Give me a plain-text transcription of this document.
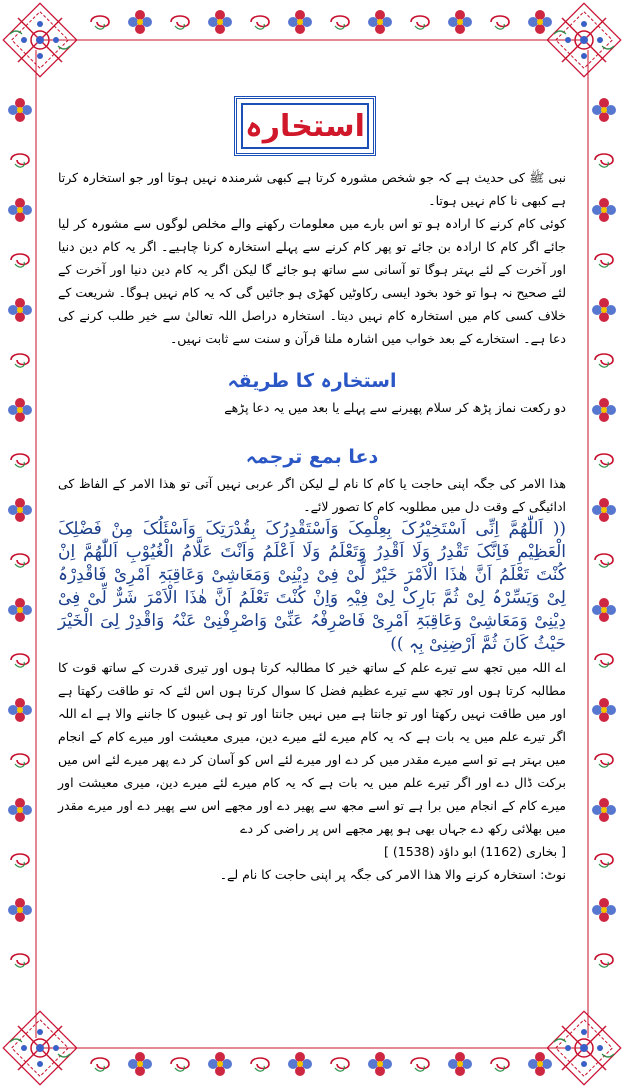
استخارہ

نبی ﷺ کی حدیث ہے کہ جو شخص مشورہ کرتا ہے کبھی شرمندہ نہیں ہوتا اور جو استخارہ کرتا ہے کبھی نا کام نہیں ہوتا۔

کوئی کام کرنے کا ارادہ ہو تو اس بارے میں معلومات رکھنے والے مخلص لوگوں سے مشورہ کر لیا جائے اگر کام کا ارادہ بن جائے تو پھر کام کرنے سے پہلے استخارہ کرنا چاہیے۔ اگر یہ کام دین دنیا اور آخرت کے لئے بہتر ہوگا تو آسانی سے ساتھ ہو جائے گا لیکن اگر یہ کام دین دنیا اور آخرت کے لئے صحیح نہ ہوا تو خود بخود ایسی رکاوٹیں کھڑی ہو جائیں گی کہ یہ کام نہیں ہوگا۔ شریعت کے خلاف کسی کام میں استخارہ کام نہیں دیتا۔ استخارہ دراصل اللہ تعالیٰ سے خیر طلب کرنے کی دعا ہے۔ استخارے کے بعد خواب میں اشارہ ملنا قرآن و سنت سے ثابت نہیں۔

استخارہ کا طریقہ

دو رکعت نماز پڑھ کر سلام پھیرنے سے پہلے یا بعد میں یہ دعا پڑھے

دعا بمع ترجمہ

ھذا الامر کی جگہ اپنی حاجت یا کام کا نام لے لیکن اگر عربی نہیں آتی تو ھذا الامر کے الفاظ کی ادائیگی کے وقت دل میں مطلوبہ کام کا تصور لائے۔

(( اَللّٰھُمَّ اِنِّی اَسْتَخِیْرُکَ بِعِلْمِکَ وَاَسْتَقْدِرُکَ بِقُدْرَتِکَ وَاَسْئَلُکَ مِنْ فَضْلِکَ الْعَظِیْمِ فَاِنَّکَ تَقْدِرُ وَلَا اَقْدِرُ وَتَعْلَمُ وَلَا اَعْلَمُ وَاَنْتَ عَلَّامُ الْغُیُوْبِ اَللّٰھُمَّ اِنْ کُنْتَ تَعْلَمُ اَنَّ ھٰذَا الْاَمْرَ خَیْرٌ لِّیْ فِیْ دِیْنِیْ وَمَعَاشِیْ وَعَاقِبَۃِ اَمْرِیْ فَاقْدِرْہُ لِیْ وَیَسِّرْہُ لِیْ ثُمَّ بَارِکْ لِیْ فِیْہِ وَاِنْ کُنْتَ تَعْلَمُ اَنَّ ھٰذَا الْاَمْرَ شَرٌّ لِّیْ فِیْ دِیْنِیْ وَمَعَاشِیْ وَعَاقِبَۃِ اَمْرِیْ فَاصْرِفْہُ عَنِّیْ وَاصْرِفْنِیْ عَنْہُ وَاقْدِرْ لِیَ الْخَیْرَ حَیْثُ کَانَ ثُمَّ اَرْضِنِیْ بِہٖ ))

اے اللہ میں تجھ سے تیرے علم کے ساتھ خیر کا مطالبہ کرتا ہوں اور تیری قدرت کے ساتھ قوت کا مطالبہ کرتا ہوں اور تجھ سے تیرے عظیم فضل کا سوال کرتا ہوں اس لئے کہ تو طاقت رکھتا ہے اور میں طاقت نہیں رکھتا اور تو جانتا ہے میں نہیں جانتا اور تو ہی غیبوں کا جاننے والا ہے اے اللہ اگر تیرے علم میں یہ بات ہے کہ یہ کام میرے لئے میرے دین، میری معیشت اور میرے کام کے انجام میں بہتر ہے تو اسے میرے مقدر میں کر دے اور میرے لئے اس کو آسان کر دے پھر میرے لئے اس میں برکت ڈال دے اور اگر تیرے علم میں یہ بات ہے کہ یہ کام میرے لئے میرے دین، میری معیشت اور میرے کام کے انجام میں برا ہے تو اسے مجھ سے پھیر دے اور مجھے اس سے پھیر دے اور میرے مقدر میں بھلائی رکھ دے جہاں بھی ہو پھر مجھے اس پر راضی کر دے

[ بخاری (1162) ابو داؤد (1538) ]

نوٹ: استخارہ کرنے والا ھذا الامر کی جگہ پر اپنی حاجت کا نام لے۔
